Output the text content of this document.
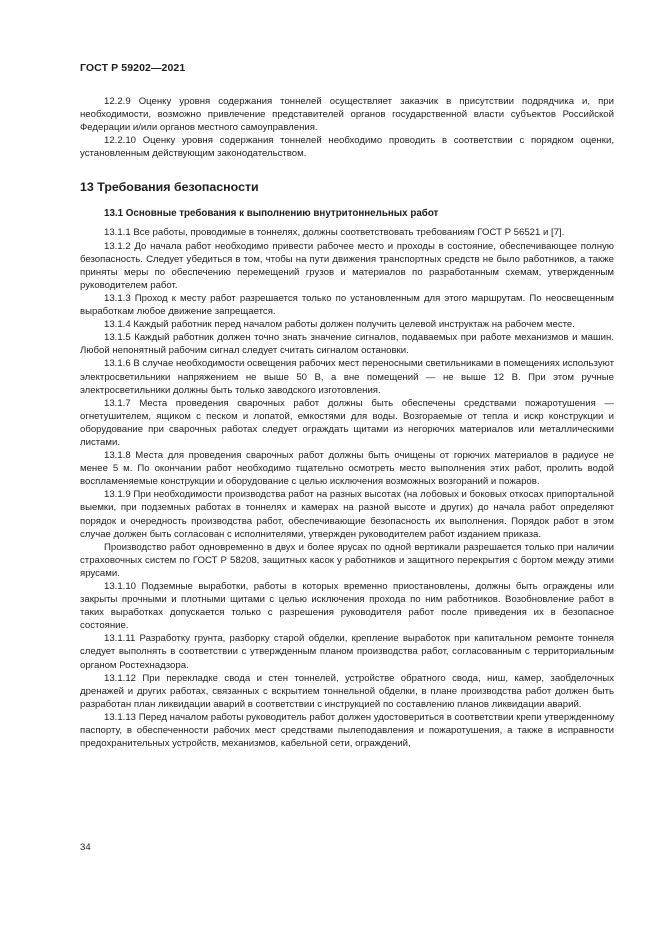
ГОСТ Р 59202—2021

12.2.9 Оценку уровня содержания тоннелей осуществляет заказчик в присутствии подрядчика и, при необходимости, возможно привлечение представителей органов государственной власти субъектов Российской Федерации и/или органов местного самоуправления.

12.2.10 Оценку уровня содержания тоннелей необходимо проводить в соответствии с порядком оценки, установленным действующим законодательством.

13 Требования безопасности
13.1 Основные требования к выполнению внутритоннельных работ

13.1.1 Все работы, проводимые в тоннелях, должны соответствовать требованиям ГОСТ Р 56521 и [7].

13.1.2 До начала работ необходимо привести рабочее место и проходы в состояние, обеспечивающее полную безопасность. Следует убедиться в том, чтобы на пути движения транспортных средств не было работников, а также приняты меры по обеспечению перемещений грузов и материалов по разработанным схемам, утвержденным руководителем работ.

13.1.3 Проход к месту работ разрешается только по установленным для этого маршрутам. По неосвещенным выработкам любое движение запрещается.

13.1.4 Каждый работник перед началом работы должен получить целевой инструктаж на рабочем месте.

13.1.5 Каждый работник должен точно знать значение сигналов, подаваемых при работе механизмов и машин. Любой непонятный рабочим сигнал следует считать сигналом остановки.

13.1.6 В случае необходимости освещения рабочих мест переносными светильниками в помещениях используют электросветильники напряжением не выше 50 В, а вне помещений — не выше 12 В. При этом ручные электросветильники должны быть только заводского изготовления.

13.1.7 Места проведения сварочных работ должны быть обеспечены средствами пожаротушения — огнетушителем, ящиком с песком и лопатой, емкостями для воды. Возгораемые от тепла и искр конструкции и оборудование при сварочных работах следует ограждать щитами из негорючих материалов или металлическими листами.

13.1.8 Места для проведения сварочных работ должны быть очищены от горючих материалов в радиусе не менее 5 м. По окончании работ необходимо тщательно осмотреть место выполнения этих работ, пролить водой воспламеняемые конструкции и оборудование с целью исключения возможных возгораний и пожаров.

13.1.9 При необходимости производства работ на разных высотах (на лобовых и боковых откосах припортальной выемки, при подземных работах в тоннелях и камерах на разной высоте и других) до начала работ определяют порядок и очередность производства работ, обеспечивающие безопасность их выполнения. Порядок работ в этом случае должен быть согласован с исполнителями, утвержден руководителем работ изданием приказа.

Производство работ одновременно в двух и более ярусах по одной вертикали разрешается только при наличии страховочных систем по ГОСТ Р 58208, защитных касок у работников и защитного перекрытия с бортом между этими ярусами.

13.1.10 Подземные выработки, работы в которых временно приостановлены, должны быть ограждены или закрыты прочными и плотными щитами с целью исключения прохода по ним работников. Возобновление работ в таких выработках допускается только с разрешения руководителя работ после приведения их в безопасное состояние.

13.1.11 Разработку грунта, разборку старой обделки, крепление выработок при капитальном ремонте тоннеля следует выполнять в соответствии с утвержденным планом производства работ, согласованным с территориальным органом Ростехнадзора.

13.1.12 При перекладке свода и стен тоннелей, устройстве обратного свода, ниш, камер, заобделочных дренажей и других работах, связанных с вскрытием тоннельной обделки, в плане производства работ должен быть разработан план ликвидации аварий в соответствии с инструкцией по составлению планов ликвидации аварий.

13.1.13 Перед началом работы руководитель работ должен удостовериться в соответствии крепи утвержденному паспорту, в обеспеченности рабочих мест средствами пылеподавления и пожаротушения, а также в исправности предохранительных устройств, механизмов, кабельной сети, ограждений,

34
